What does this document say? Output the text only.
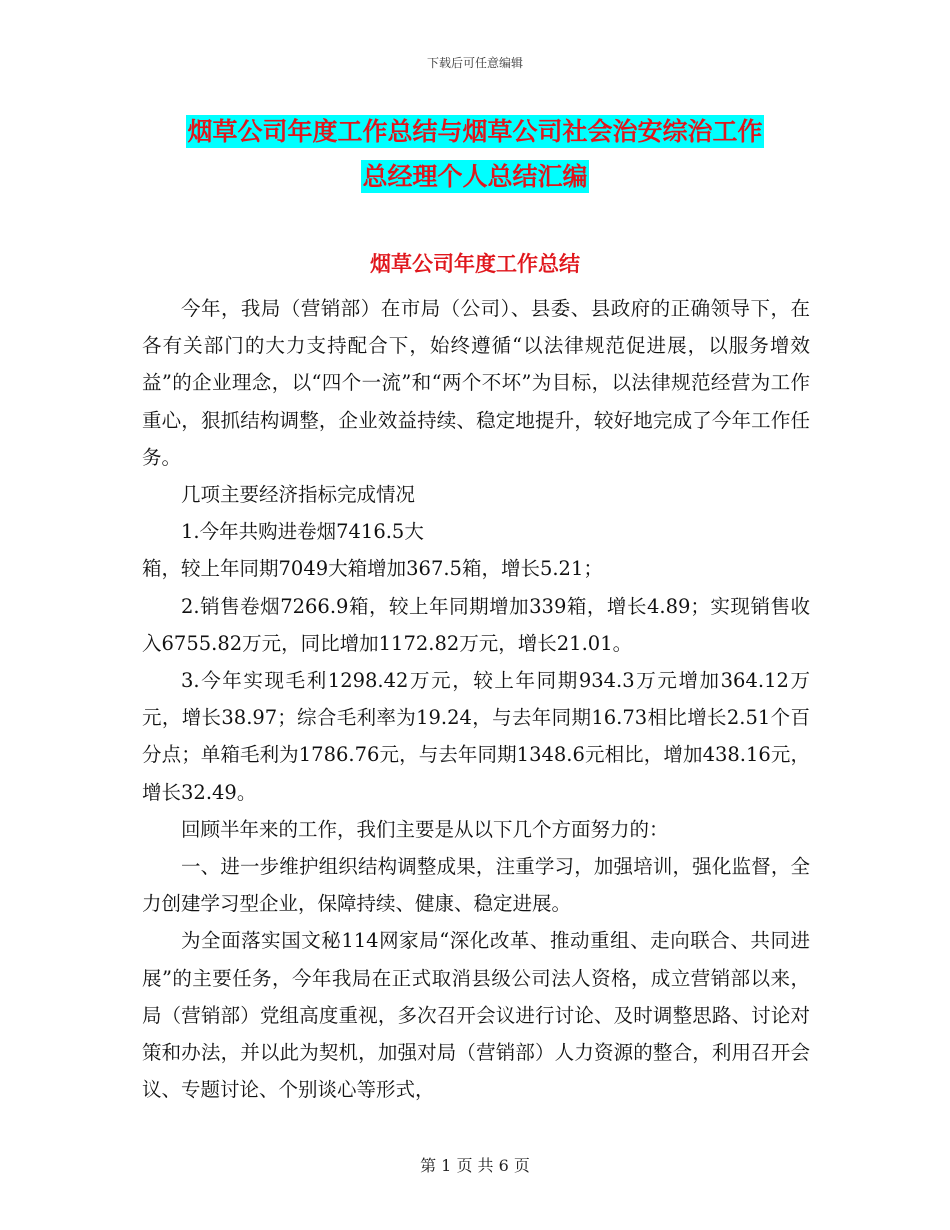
下载后可任意编辑
烟草公司年度工作总结与烟草公司社会治安综治工作
总经理个人总结汇编
烟草公司年度工作总结

今年，我局（营销部）在市局（公司）、县委、县政府的正确领导下，在各有关部门的大力支持配合下，始终遵循“以法律规范促进展，以服务增效益”的企业理念，以“四个一流”和“两个不坏”为目标，以法律规范经营为工作重心，狠抓结构调整，企业效益持续、稳定地提升，较好地完成了今年工作任务。

几项主要经济指标完成情况

1.今年共购进卷烟7416.5大

箱，较上年同期7049大箱增加367.5箱，增长5.21；

2.销售卷烟7266.9箱，较上年同期增加339箱，增长4.89；实现销售收入6755.82万元，同比增加1172.82万元，增长21.01。

3.今年实现毛利1298.42万元，较上年同期934.3万元增加364.12万元，增长38.97；综合毛利率为19.24，与去年同期16.73相比增长2.51个百分点；单箱毛利为1786.76元，与去年同期1348.6元相比，增加438.16元，增长32.49。

回顾半年来的工作，我们主要是从以下几个方面努力的：

一、进一步维护组织结构调整成果，注重学习，加强培训，强化监督，全力创建学习型企业，保障持续、健康、稳定进展。

为全面落实国文秘114网家局“深化改革、推动重组、走向联合、共同进展”的主要任务，今年我局在正式取消县级公司法人资格，成立营销部以来，局（营销部）党组高度重视，多次召开会议进行讨论、及时调整思路、讨论对策和办法，并以此为契机，加强对局（营销部）人力资源的整合，利用召开会议、专题讨论、个别谈心等形式，

第 1 页 共 6 页
